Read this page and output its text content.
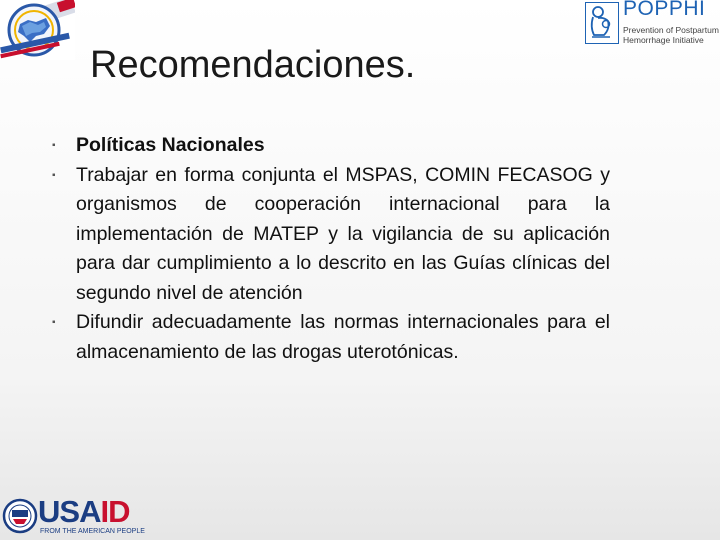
POPPHI
Prevention of Postpartum
Hemorrhage Initiative
Recomendaciones.
▪ Políticas Nacionales
▪ Trabajar en forma conjunta el MSPAS, COMIN FECASOG y organismos de cooperación internacional para la implementación de MATEP y la vigilancia de su aplicación para dar cumplimiento a lo descrito en las Guías clínicas del segundo nivel de atención
▪ Difundir adecuadamente las normas internacionales para el almacenamiento de las drogas uterotónicas.
USAID
FROM THE AMERICAN PEOPLE
